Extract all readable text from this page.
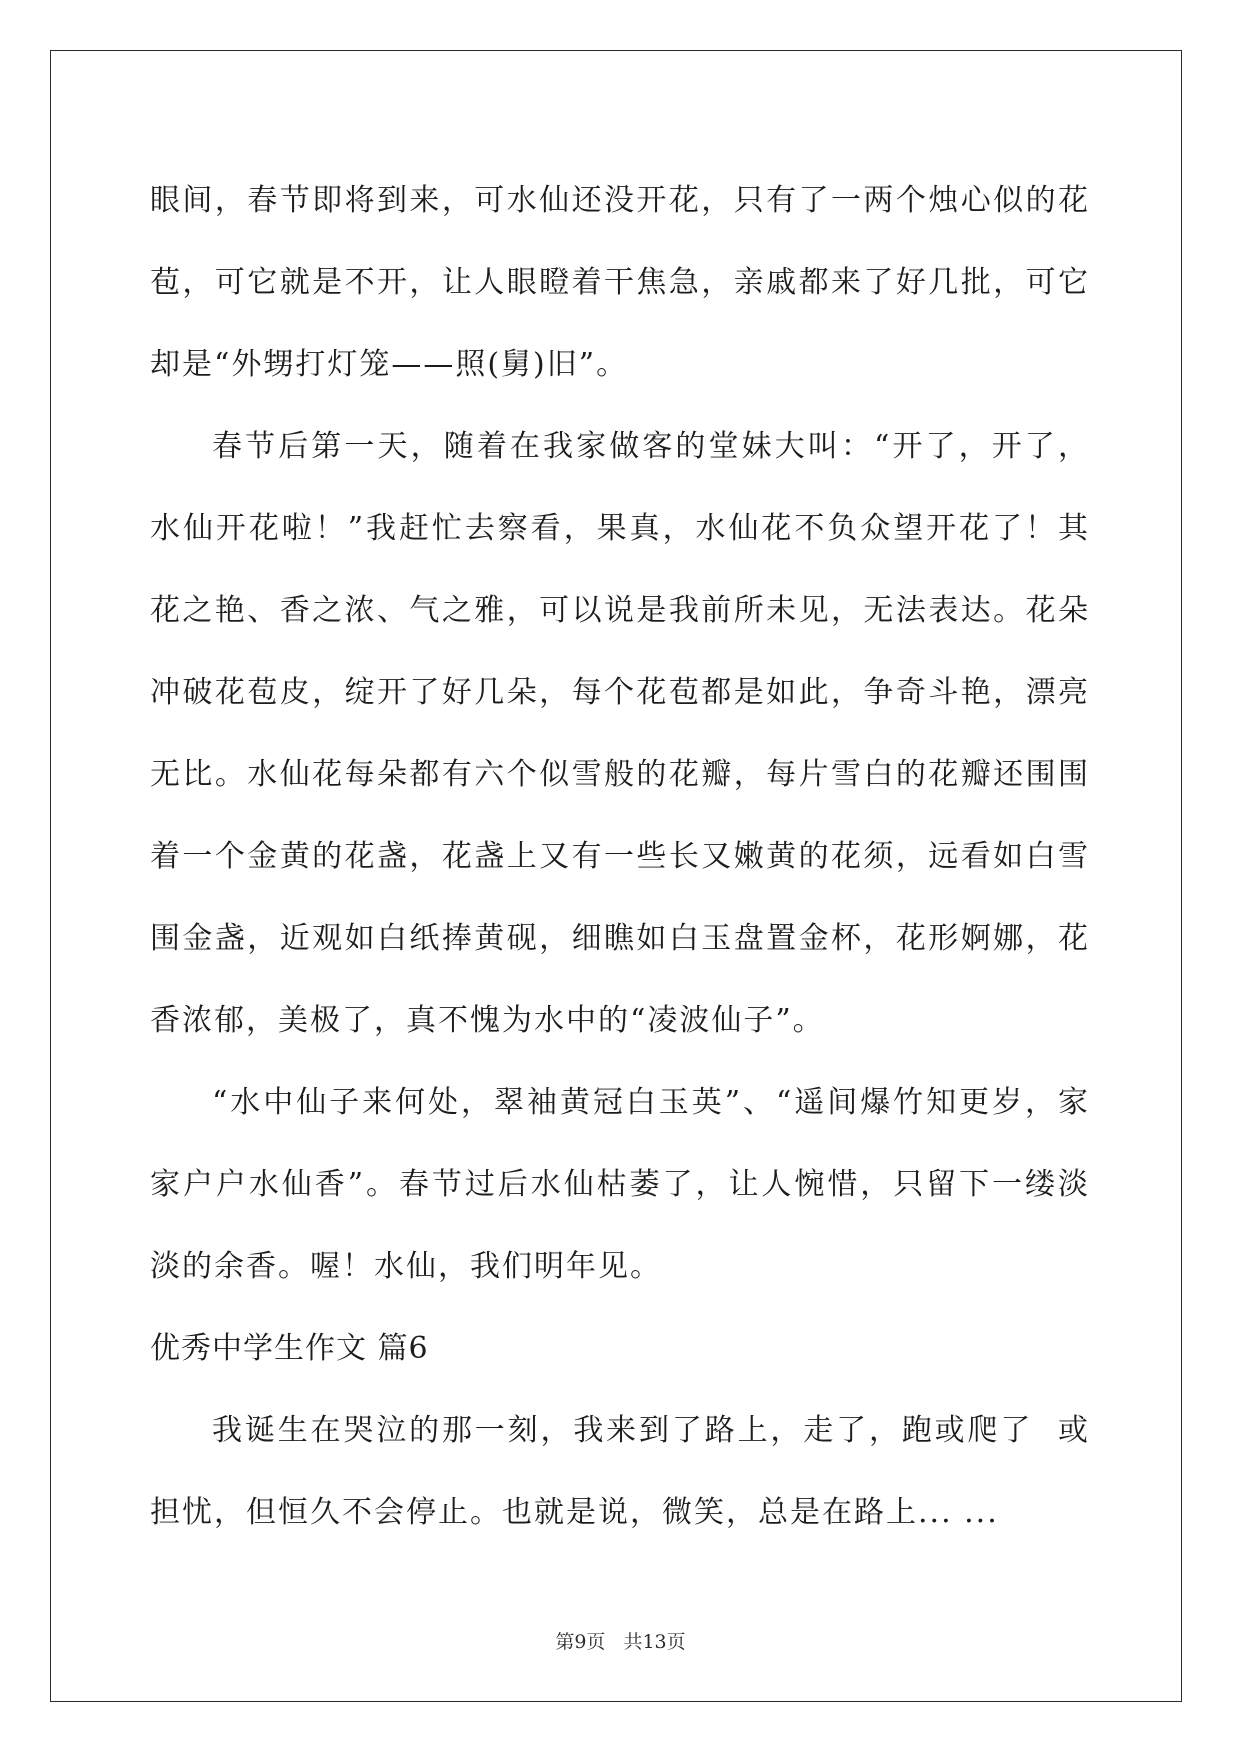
眼间，春节即将到来，可水仙还没开花，只有了一两个烛心似的花苞，可它就是不开，让人眼瞪着干焦急，亲戚都来了好几批，可它却是“外甥打灯笼——照(舅)旧”。

春节后第一天，随着在我家做客的堂妹大叫：“开了，开了，水仙开花啦！”我赶忙去察看，果真，水仙花不负众望开花了！其花之艳、香之浓、气之雅，可以说是我前所未见，无法表达。花朵冲破花苞皮，绽开了好几朵，每个花苞都是如此，争奇斗艳，漂亮无比。水仙花每朵都有六个似雪般的花瓣，每片雪白的花瓣还围围着一个金黄的花盏，花盏上又有一些长又嫩黄的花须，远看如白雪围金盏，近观如白纸捧黄砚，细瞧如白玉盘置金杯，花形婀娜，花香浓郁，美极了，真不愧为水中的“凌波仙子”。

“水中仙子来何处，翠袖黄冠白玉英”、“遥间爆竹知更岁，家家户户水仙香”。春节过后水仙枯萎了，让人惋惜，只留下一缕淡淡的余香。喔！水仙，我们明年见。

优秀中学生作文 篇6

我诞生在哭泣的那一刻，我来到了路上，走了，跑或爬了  或担忧，但恒久不会停止。也就是说，微笑，总是在路上... ...

第9页 共13页
